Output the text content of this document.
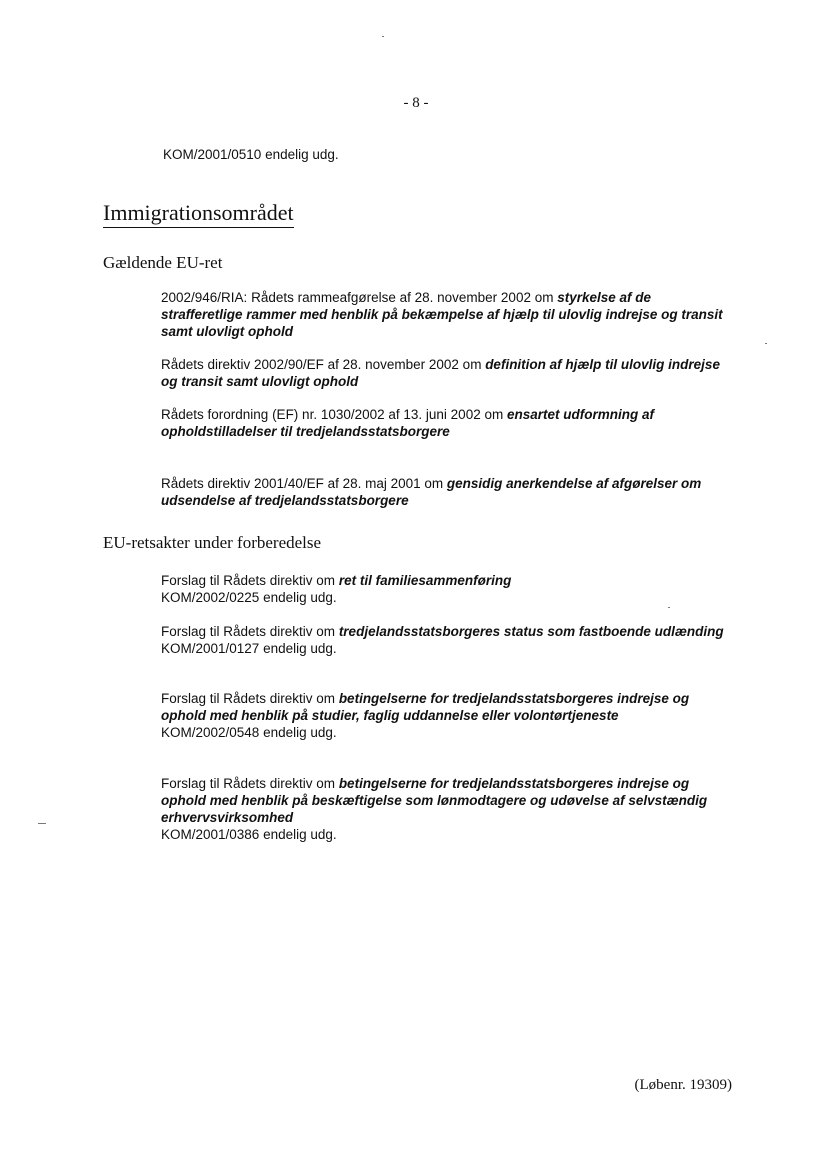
- 8 -
KOM/2001/0510 endelig udg.
Immigrationsområdet
Gældende EU-ret

2002/946/RIA: Rådets rammeafgørelse af 28. november 2002 om styrkelse af de strafferetlige rammer med henblik på bekæmpelse af hjælp til ulovlig indrejse og transit samt ulovligt ophold

Rådets direktiv 2002/90/EF af 28. november 2002 om definition af hjælp til ulovlig indrejse og transit samt ulovligt ophold

Rådets forordning (EF) nr. 1030/2002 af 13. juni 2002 om ensartet udformning af opholdstilladelser til tredjelandsstatsborgere

Rådets direktiv 2001/40/EF af 28. maj 2001 om gensidig anerkendelse af afgørelser om udsendelse af tredjelandsstatsborgere

EU-retsakter under forberedelse

Forslag til Rådets direktiv om ret til familiesammenføring

KOM/2002/0225 endelig udg.

Forslag til Rådets direktiv om tredjelandsstatsborgeres status som fastboende udlænding

KOM/2001/0127 endelig udg.

Forslag til Rådets direktiv om betingelserne for tredjelandsstatsborgeres indrejse og ophold med henblik på studier, faglig uddannelse eller volontørtjeneste

KOM/2002/0548 endelig udg.

Forslag til Rådets direktiv om betingelserne for tredjelandsstatsborgeres indrejse og ophold med henblik på beskæftigelse som lønmodtagere og udøvelse af selvstændig erhvervsvirksomhed

KOM/2001/0386 endelig udg.

(Løbenr. 19309)
